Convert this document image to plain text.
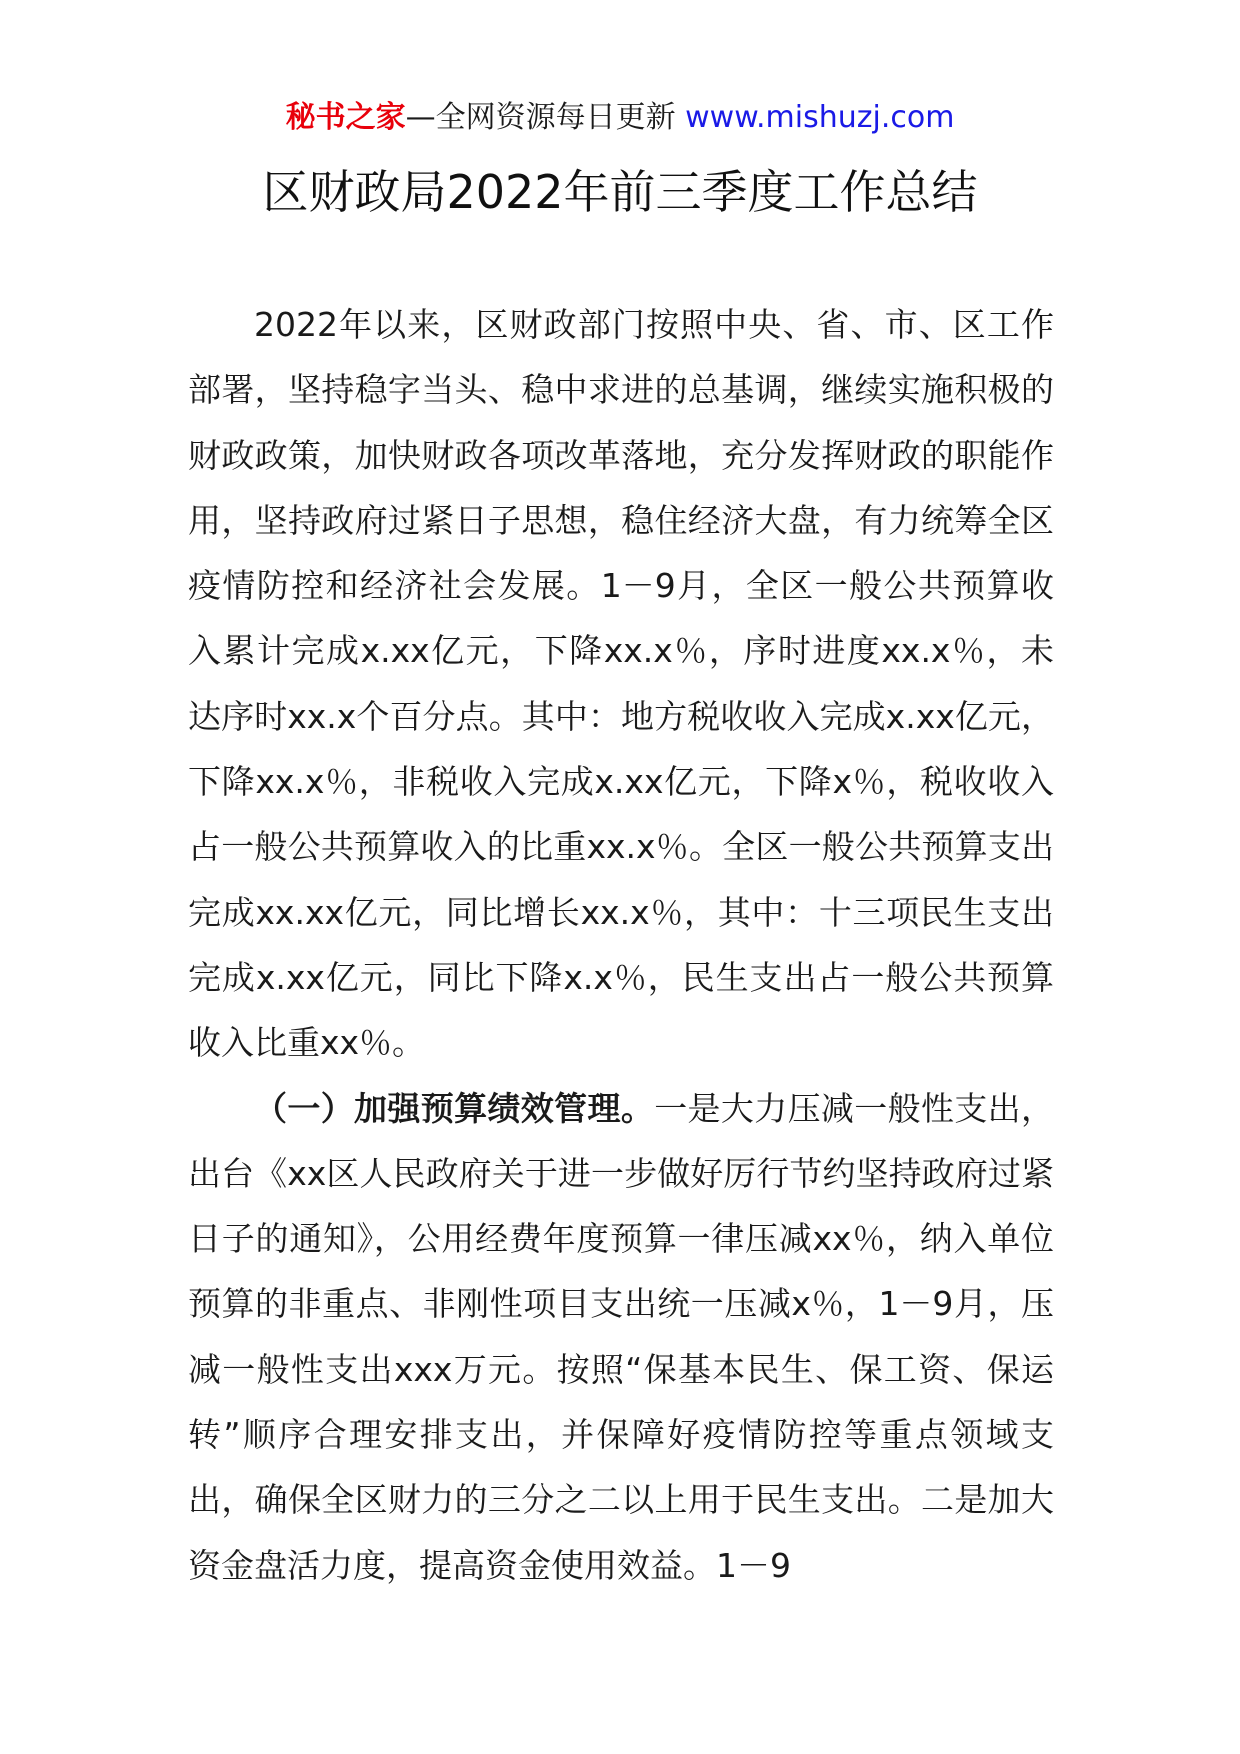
秘书之家—全网资源每日更新 www.mishuzj.com
区财政局2022年前三季度工作总结

2022年以来，区财政部门按照中央、省、市、区工作部署，坚持稳字当头、稳中求进的总基调，继续实施积极的财政政策，加快财政各项改革落地，充分发挥财政的职能作用，坚持政府过紧日子思想，稳住经济大盘，有力统筹全区疫情防控和经济社会发展。1－9月，全区一般公共预算收入累计完成x.xx亿元，下降xx.x％，序时进度xx.x％，未达序时xx.x个百分点。其中：地方税收收入完成x.xx亿元，下降xx.x％，非税收入完成x.xx亿元，下降x％，税收收入占一般公共预算收入的比重xx.x％。全区一般公共预算支出完成xx.xx亿元，同比增长xx.x％，其中：十三项民生支出完成x.xx亿元，同比下降x.x％，民生支出占一般公共预算收入比重xx％。

（一）加强预算绩效管理。一是大力压减一般性支出，出台《xx区人民政府关于进一步做好厉行节约坚持政府过紧日子的通知》，公用经费年度预算一律压减xx％，纳入单位预算的非重点、非刚性项目支出统一压减x％，1－9月，压减一般性支出xxx万元。按照“保基本民生、保工资、保运转”顺序合理安排支出，并保障好疫情防控等重点领域支出，确保全区财力的三分之二以上用于民生支出。二是加大资金盘活力度，提高资金使用效益。1－9
